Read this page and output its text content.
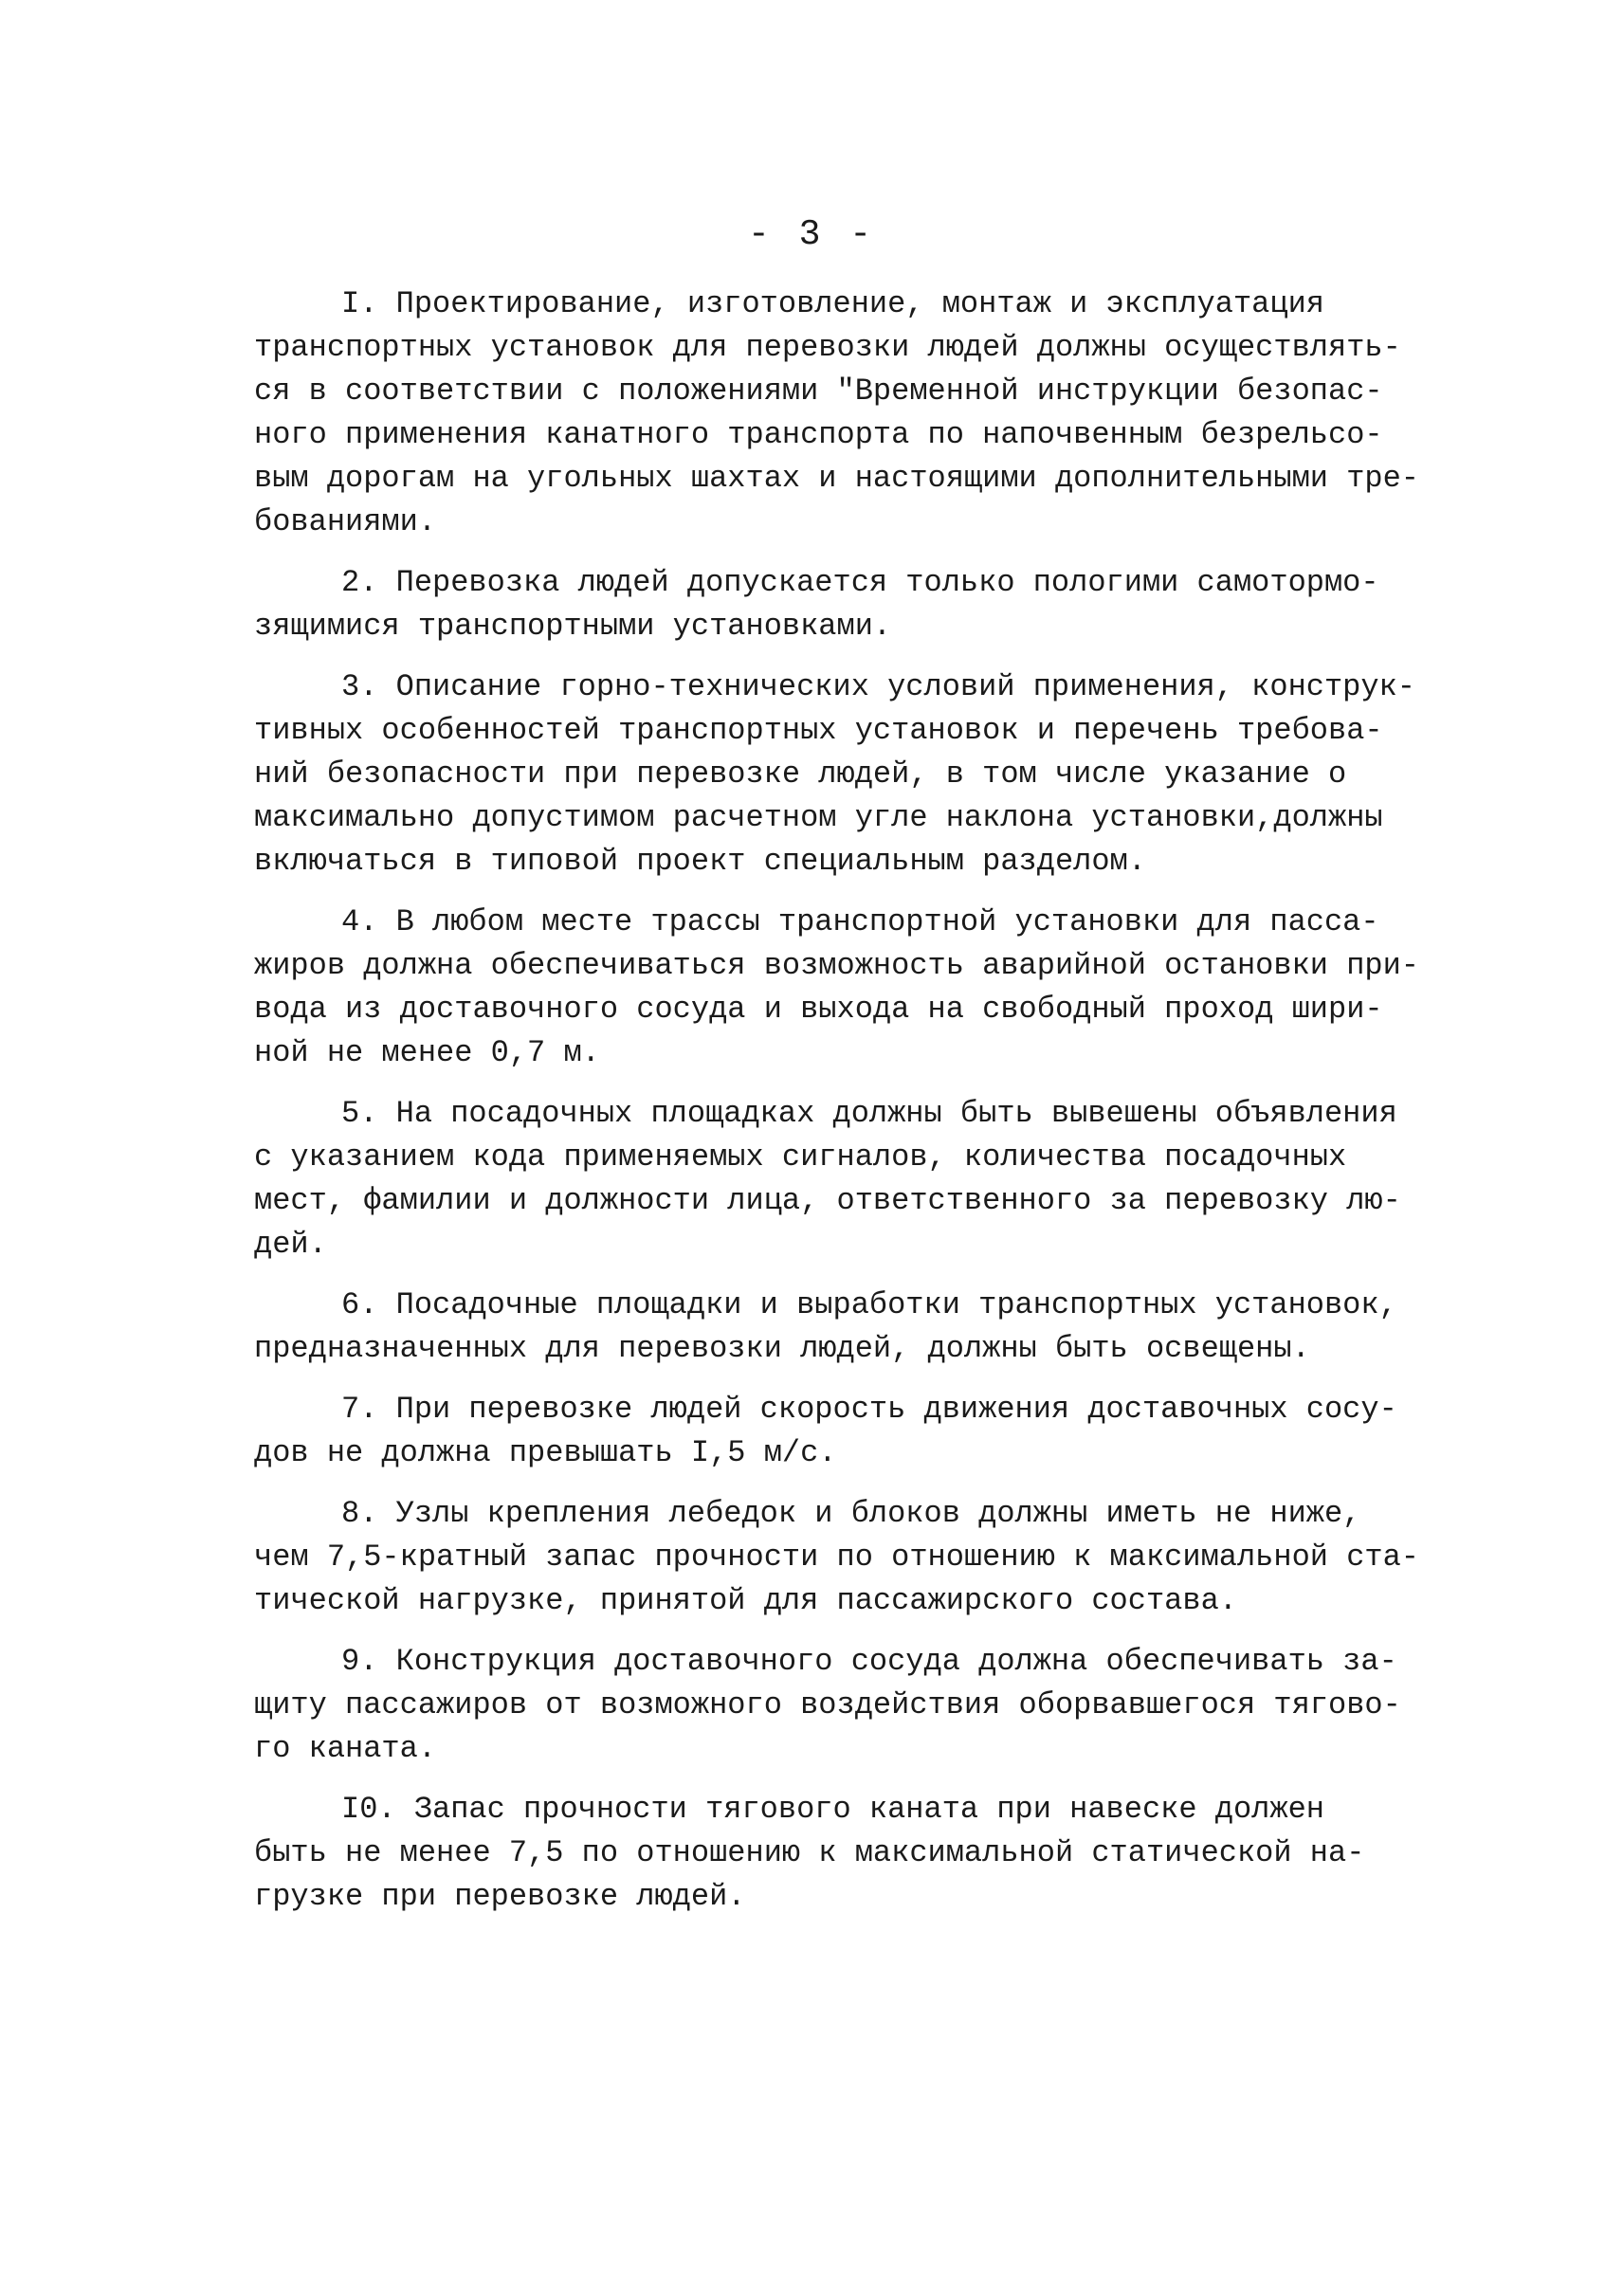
- 3 -

I. Проектирование, изготовление, монтаж и эксплуатация
транспортных установок для перевозки людей должны осуществлять-
ся в соответствии с положениями "Временной инструкции безопас-
ного применения канатного транспорта по напочвенным безрельсо-
вым дорогам на угольных шахтах и настоящими дополнительными тре-
бованиями.

2. Перевозка людей допускается только пологими самотормо-
зящимися транспортными установками.

3. Описание горно-технических условий применения, конструк-
тивных особенностей транспортных установок и перечень требова-
ний безопасности при перевозке людей, в том числе указание о
максимально допустимом расчетном угле наклона установки,должны
включаться в типовой проект специальным разделом.

4. В любом месте трассы транспортной установки для пасса-
жиров должна обеспечиваться возможность аварийной остановки при-
вода из доставочного сосуда и выхода на свободный проход шири-
ной не менее 0,7 м.

5. На посадочных площадках должны быть вывешены объявления
с указанием кода применяемых сигналов, количества посадочных
мест, фамилии и должности лица, ответственного за перевозку лю-
дей.

6. Посадочные площадки и выработки транспортных установок,
предназначенных для перевозки людей, должны быть освещены.

7. При перевозке людей скорость движения доставочных сосу-
дов не должна превышать I,5 м/с.

8. Узлы крепления лебедок и блоков должны иметь не ниже,
чем 7,5-кратный запас прочности по отношению к максимальной ста-
тической нагрузке, принятой для пассажирского состава.

9. Конструкция доставочного сосуда должна обеспечивать за-
щиту пассажиров от возможного воздействия оборвавшегося тягово-
го каната.

I0. Запас прочности тягового каната при навеске должен
быть не менее 7,5 по отношению к максимальной статической на-
грузке при перевозке людей.
